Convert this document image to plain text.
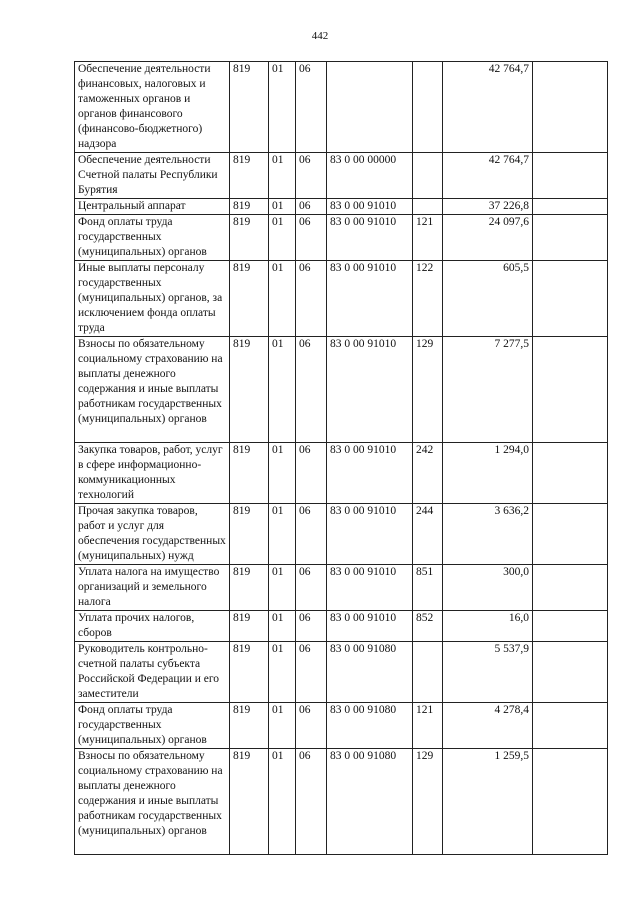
442
Обеспечение деятельности финансовых, налоговых и таможенных органов и органов финансового (финансово-бюджетного) надзора	819	01	06			42 764,7	
Обеспечение деятельности Счетной палаты Республики Бурятия	819	01	06	83 0 00 00000		42 764,7	
Центральный аппарат	819	01	06	83 0 00 91010		37 226,8	
Фонд оплаты труда государственных (муниципальных) органов	819	01	06	83 0 00 91010	121	24 097,6	
Иные выплаты персоналу государственных (муниципальных) органов, за исключением фонда оплаты труда	819	01	06	83 0 00 91010	122	605,5	
Взносы по обязательному социальному страхованию на выплаты денежного содержания и иные выплаты работникам государственных (муниципальных) органов	819	01	06	83 0 00 91010	129	7 277,5	
Закупка товаров, работ, услуг в сфере информационно-коммуникационных технологий	819	01	06	83 0 00 91010	242	1 294,0	
Прочая закупка товаров, работ и услуг для обеспечения государственных (муниципальных) нужд	819	01	06	83 0 00 91010	244	3 636,2	
Уплата налога на имущество организаций и земельного налога	819	01	06	83 0 00 91010	851	300,0	
Уплата прочих налогов, сборов	819	01	06	83 0 00 91010	852	16,0	
Руководитель контрольно-счетной палаты субъекта Российской Федерации и его заместители	819	01	06	83 0 00 91080		5 537,9	
Фонд оплаты труда государственных (муниципальных) органов	819	01	06	83 0 00 91080	121	4 278,4	
Взносы по обязательному социальному страхованию на выплаты денежного содержания и иные выплаты работникам государственных (муниципальных) органов	819	01	06	83 0 00 91080	129	1 259,5	
